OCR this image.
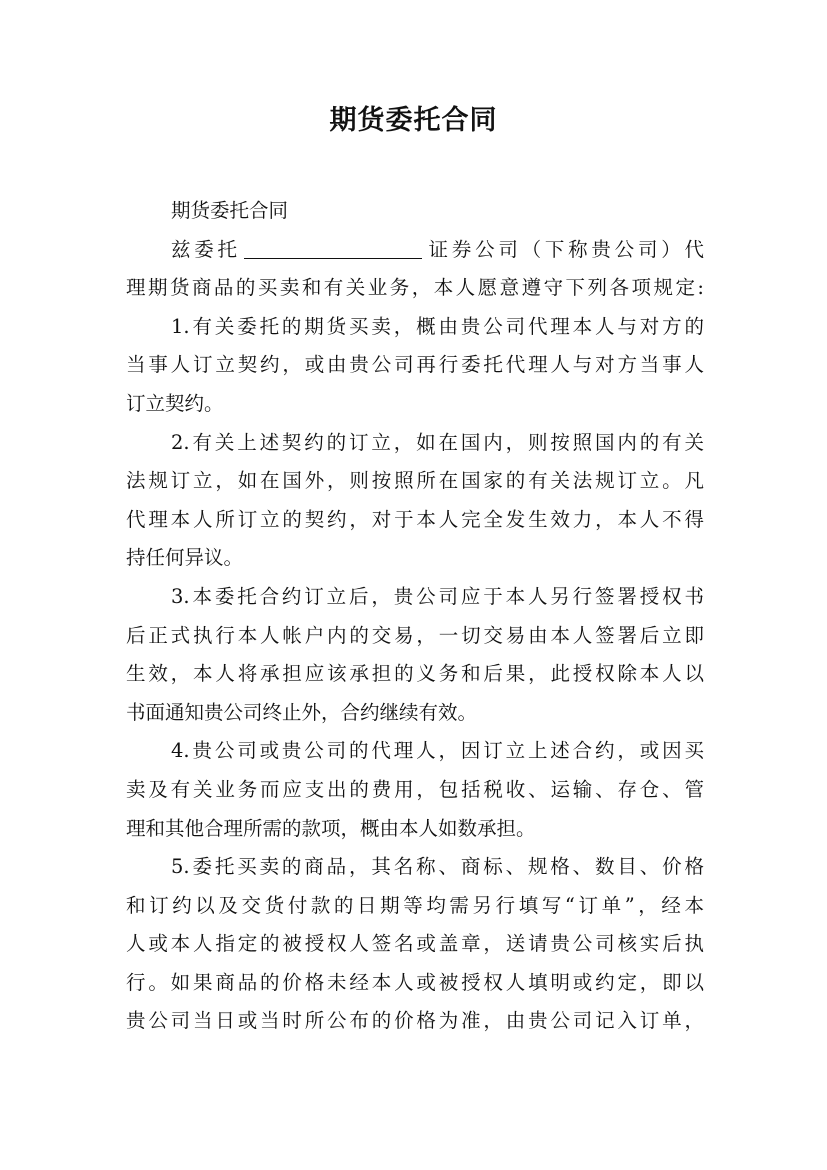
期货委托合同
期货委托合同
兹委托	证券公司（下称贵公司）代
理期货商品的买卖和有关业务，本人愿意遵守下列各项规定:
1.有关委托的期货买卖，概由贵公司代理本人与对方的
当事人订立契约，或由贵公司再行委托代理人与对方当事人
订立契约。
2.有关上述契约的订立，如在国内，则按照国内的有关
法规订立，如在国外，则按照所在国家的有关法规订立。凡
代理本人所订立的契约，对于本人完全发生效力，本人不得
持任何异议。
3.本委托合约订立后，贵公司应于本人另行签署授权书
后正式执行本人帐户内的交易，一切交易由本人签署后立即
生效，本人将承担应该承担的义务和后果，此授权除本人以
书面通知贵公司终止外，合约继续有效。
4.贵公司或贵公司的代理人，因订立上述合约，或因买
卖及有关业务而应支出的费用，包括税收、运输、存仓、管
理和其他合理所需的款项，概由本人如数承担。
5.委托买卖的商品，其名称、商标、规格、数目、价格
和订约以及交货付款的日期等均需另行填写“订单”，经本
人或本人指定的被授权人签名或盖章，送请贵公司核实后执
行。如果商品的价格未经本人或被授权人填明或约定，即以
贵公司当日或当时所公布的价格为准，由贵公司记入订单，
